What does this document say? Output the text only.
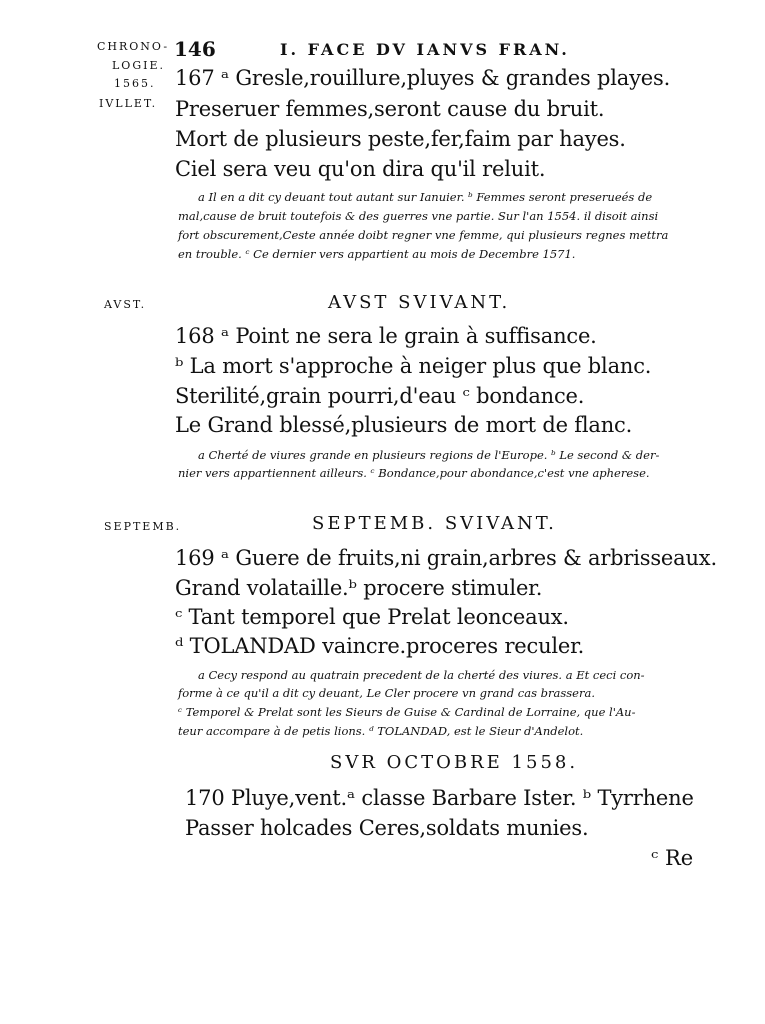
CHRONO-
LOGIE.
1565.
IVLLET.
146	I. FACE DV IANVS FRAN.
167 ᵃ Gresle,rouillure,pluyes & grandes playes.
Preseruer femmes,seront cause du bruit.
Mort de plusieurs peste,fer,faim par hayes.
Ciel sera veu qu'on dira qu'il reluit.
a Il en a dit cy deuant tout autant sur Ianuier. ᵇ Femmes seront preserueés de
mal,cause de bruit toutefois & des guerres vne partie. Sur l'an 1554. il disoit ainsi
fort obscurement,Ceste année doibt regner vne femme, qui plusieurs regnes mettra
en trouble. ᶜ Ce dernier vers appartient au mois de Decembre 1571.
AVST.	AVST SVIVANT.
168 ᵃ Point ne sera le grain à suffisance.
ᵇ La mort s'approche à neiger plus que blanc.
Sterilité,grain pourri,d'eau ᶜ bondance.
Le Grand blessé,plusieurs de mort de flanc.
a Cherté de viures grande en plusieurs regions de l'Europe. ᵇ Le second & der-
nier vers appartiennent ailleurs. ᶜ Bondance,pour abondance,c'est vne apherese.
SEPTEMB.	SEPTEMB. SVIVANT.
169 ᵃ Guere de fruits,ni grain,arbres & arbrisseaux.
Grand volataille.ᵇ procere stimuler.
ᶜ Tant temporel que Prelat leonceaux.
ᵈ TOLANDAD vaincre.proceres reculer.
a Cecy respond au quatrain precedent de la cherté des viures. a Et ceci con-
forme à ce qu'il a dit cy deuant, Le Cler procere vn grand cas brassera.
ᶜ Temporel & Prelat sont les Sieurs de Guise & Cardinal de Lorraine, que l'Au-
teur accompare à de petis lions. ᵈ TOLANDAD, est le Sieur d'Andelot.
SVR OCTOBRE 1558.
170 Pluye,vent.ᵃ classe Barbare Ister. ᵇ Tyrrhene
Passer holcades Ceres,soldats munies.
ᶜ Re
